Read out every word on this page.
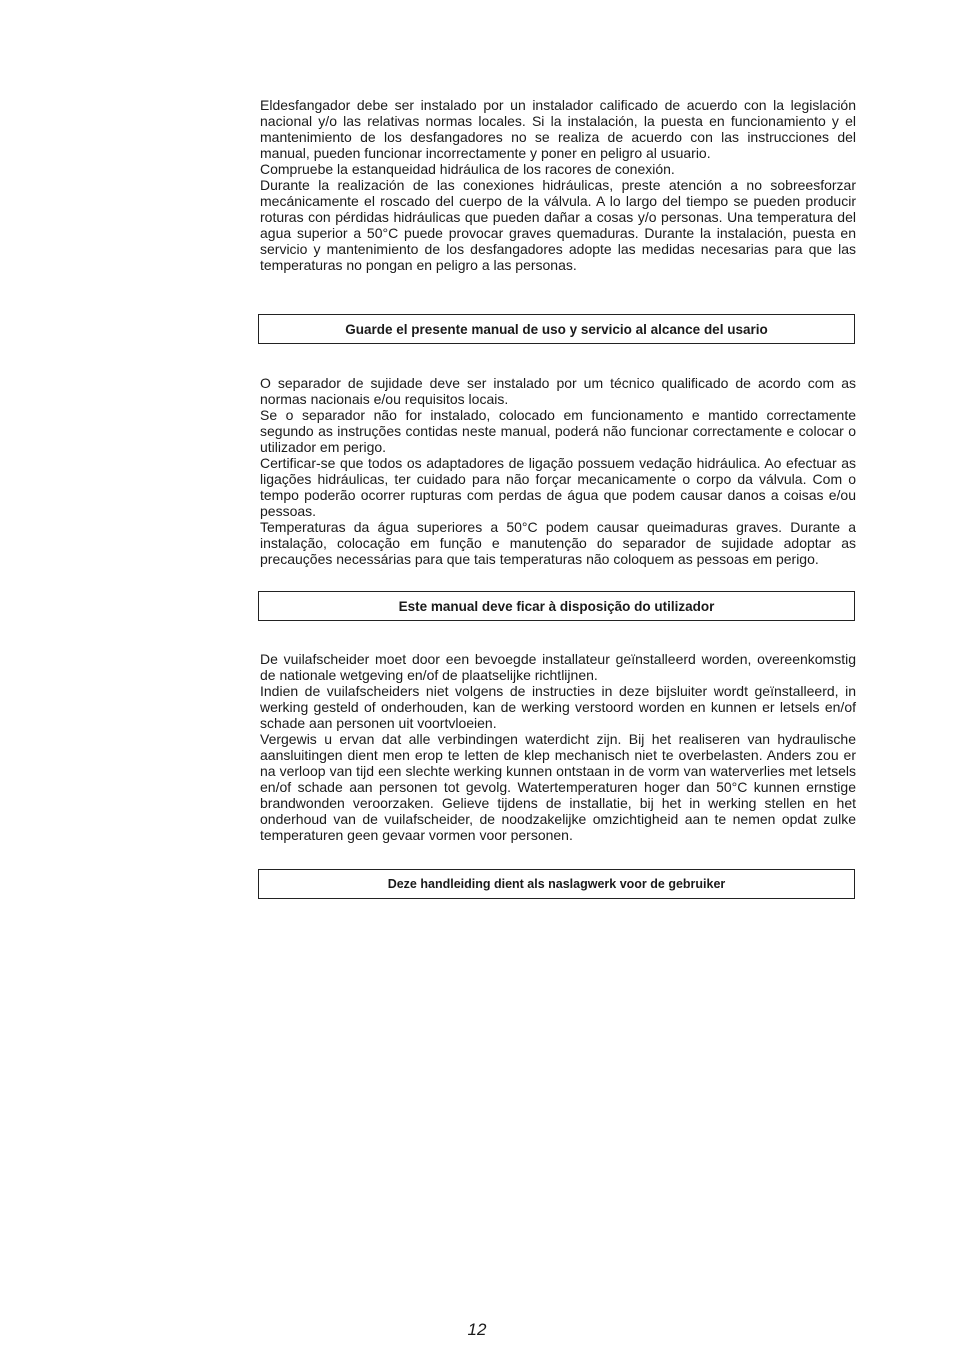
Eldesfangador debe ser instalado por un instalador calificado de acuerdo con la legislación nacional y/o las relativas normas locales. Si la instalación, la puesta en funcionamiento y el mantenimiento de los desfangadores no se realiza de acuerdo con las instrucciones del manual, pueden funcionar incorrectamente y poner en peligro al usuario.

Compruebe la estanqueidad hidráulica de los racores de conexión.

Durante la realización de las conexiones hidráulicas, preste atención a no sobreesforzar mecánicamente el roscado del cuerpo de la válvula. A lo largo del tiempo se pueden producir roturas con pérdidas hidráulicas que pueden dañar a cosas y/o personas. Una temperatura del agua superior a 50°C puede provocar graves quemaduras. Durante la instalación, puesta en servicio y mantenimiento de los desfangadores adopte las medidas necesarias para que las temperaturas no pongan en peligro a las personas.

Guarde el presente manual de uso y servicio al alcance del usario

O separador de sujidade deve ser instalado por um técnico qualificado de acordo com as normas nacionais e/ou requisitos locais.

Se o separador não for instalado, colocado em funcionamento e mantido correctamente segundo as instruções contidas neste manual, poderá não funcionar correctamente e colocar o utilizador em perigo.

Certificar-se que todos os adaptadores de ligação possuem vedação hidráulica. Ao efectuar as ligações hidráulicas, ter cuidado para não forçar mecanicamente o corpo da válvula. Com o tempo poderão ocorrer rupturas com perdas de água que podem causar danos a coisas e/ou pessoas.

Temperaturas da água superiores a 50°C podem causar queimaduras graves. Durante a instalação, colocação em função e manutenção do separador de sujidade adoptar as precauções necessárias para que tais temperaturas não coloquem as pessoas em perigo.

Este manual deve ficar à disposição do utilizador

De vuilafscheider moet door een bevoegde installateur geïnstalleerd worden, overeenkomstig de nationale wetgeving en/of de plaatselijke richtlijnen.

Indien de vuilafscheiders niet volgens de instructies in deze bijsluiter wordt geïnstalleerd, in werking gesteld of onderhouden, kan de werking verstoord worden en kunnen er letsels en/of schade aan personen uit voortvloeien.

Vergewis u ervan dat alle verbindingen waterdicht zijn. Bij het realiseren van hydraulische aansluitingen dient men erop te letten de klep mechanisch niet te overbelasten. Anders zou er na verloop van tijd een slechte werking kunnen ontstaan in de vorm van waterverlies met letsels en/of schade aan personen tot gevolg. Watertemperaturen hoger dan 50°C kunnen ernstige brandwonden veroorzaken. Gelieve tijdens de installatie, bij het in werking stellen en het onderhoud van de vuilafscheider, de noodzakelijke omzichtigheid aan te nemen opdat zulke temperaturen geen gevaar vormen voor personen.

Deze handleiding dient als naslagwerk voor de gebruiker
12
